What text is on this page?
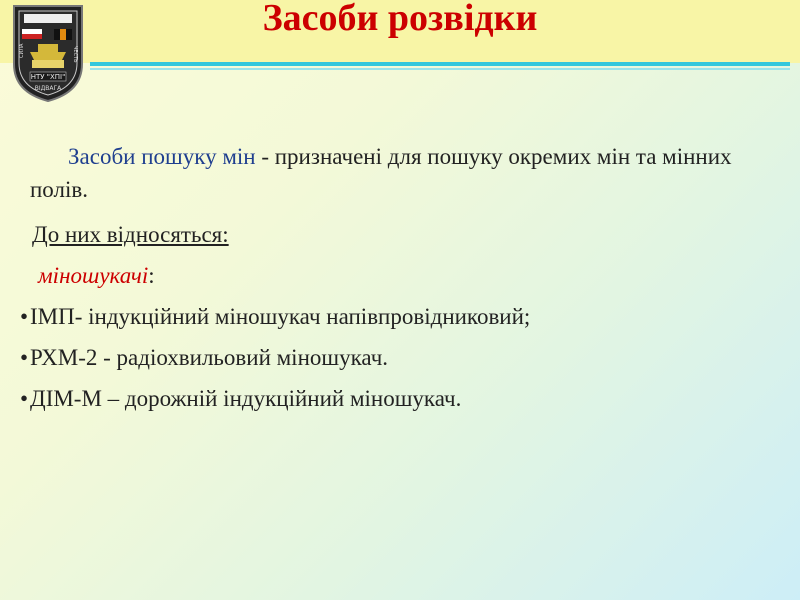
Засоби розвідки
НТУ "ХПІ"
ВІДВАГА
СИЛА	ЧЕСТЬ

Засоби пошуку мін - призначені для пошуку окремих мін та мінних полів.

До них відносяться:

міношукачі:

•ІМП- індукційний міношукач напівпровідниковий;
•РХМ-2 - радіохвильовий міношукач.
•ДІМ-М – дорожній індукційний міношукач.
